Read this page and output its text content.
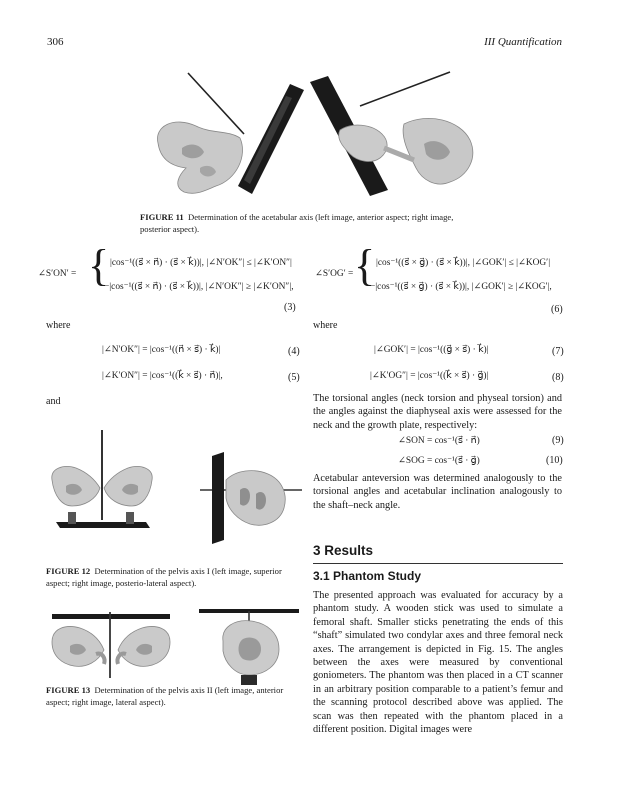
306	III Quantification
FIGURE 11 Determination of the acetabular axis (left image, anterior aspect; right image, posterior aspect).
∠S′ON′ = { |cos⁻¹((s⃗ × n⃗) · (s⃗ × k⃗))|, |∠N′OK″| ≤ |∠K′ON″|
−|cos⁻¹((s⃗ × n⃗) · (s⃗ × k⃗))|, |∠N′OK″| ≥ |∠K′ON″|,
(3)
∠S′OG′ = { |cos⁻¹((s⃗ × g⃗) · (s⃗ × k⃗))|, |∠GOK′| ≤ |∠KOG′|
−|cos⁻¹((s⃗ × g⃗) · (s⃗ × k⃗))|, |∠GOK′| ≥ |∠KOG′|,
(6)
where	where
|∠N′OK″| = |cos⁻¹((n⃗ × s⃗) · k⃗)|	(4)
|∠K′ON″| = |cos⁻¹((k⃗ × s⃗) · n⃗)|,	(5)
|∠GOK′| = |cos⁻¹((g⃗ × s⃗) · k⃗)|	(7)
|∠K′OG″| = |cos⁻¹((k⃗ × s⃗) · g⃗)|	(8)
and	The torsional angles (neck torsion and physeal torsion) and the angles against the diaphyseal axis were assessed for the neck and the growth plate, respectively:
∠SON = cos⁻¹(s⃗ · n⃗)	(9)
∠SOG = cos⁻¹(s⃗ · g⃗)	(10)
Acetabular anteversion was determined analogously to the torsional angles and acetabular inclination analogously to the shaft–neck angle.
FIGURE 12 Determination of the pelvis axis I (left image, superior aspect; right image, posterio-lateral aspect).
FIGURE 13 Determination of the pelvis axis II (left image, anterior aspect; right image, lateral aspect).
3 Results
3.1 Phantom Study
The presented approach was evaluated for accuracy by a phantom study. A wooden stick was used to simulate a femoral shaft. Smaller sticks penetrating the ends of this “shaft” simulated two condylar axes and three femoral neck axes. The arrangement is depicted in Fig. 15. The angles between the axes were measured by conventional goniometers. The phantom was then placed in a CT scanner in an arbitrary position comparable to a patient’s femur and the scanning protocol described above was applied. The scan was then repeated with the phantom placed in a different position. Digital images were
